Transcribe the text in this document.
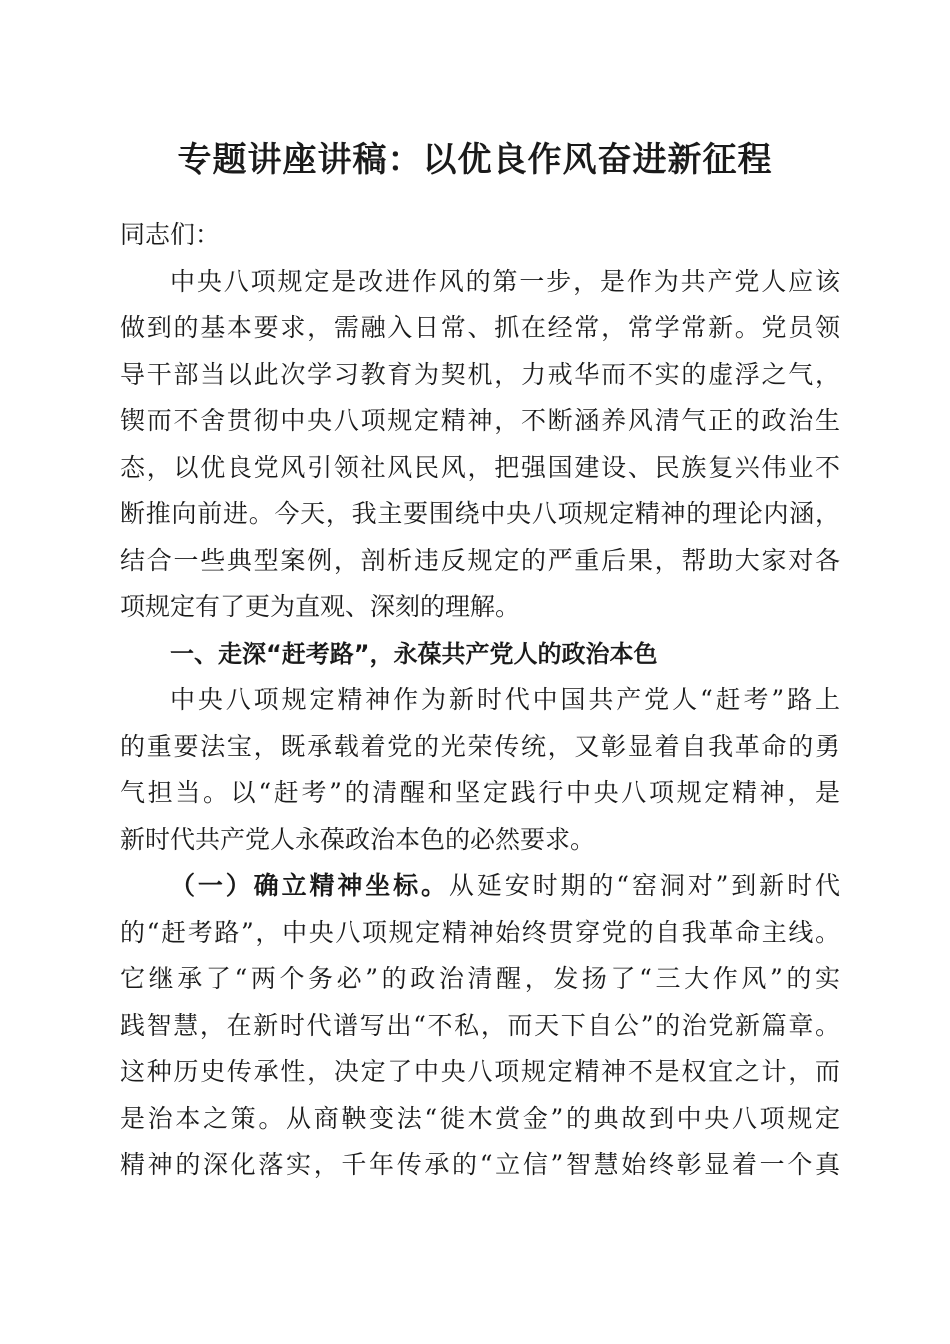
专题讲座讲稿：以优良作风奋进新征程
同志们：
中央八项规定是改进作风的第一步，是作为共产党人应该
做到的基本要求，需融入日常、抓在经常，常学常新。党员领
导干部当以此次学习教育为契机，力戒华而不实的虚浮之气，
锲而不舍贯彻中央八项规定精神，不断涵养风清气正的政治生
态，以优良党风引领社风民风，把强国建设、民族复兴伟业不
断推向前进。今天，我主要围绕中央八项规定精神的理论内涵，
结合一些典型案例，剖析违反规定的严重后果，帮助大家对各
项规定有了更为直观、深刻的理解。
一、走深“赶考路”，永葆共产党人的政治本色
中央八项规定精神作为新时代中国共产党人“赶考”路上
的重要法宝，既承载着党的光荣传统，又彰显着自我革命的勇
气担当。以“赶考”的清醒和坚定践行中央八项规定精神，是
新时代共产党人永葆政治本色的必然要求。
（一）确立精神坐标。从延安时期的“窑洞对”到新时代
的“赶考路”，中央八项规定精神始终贯穿党的自我革命主线。
它继承了“两个务必”的政治清醒，发扬了“三大作风”的实
践智慧，在新时代谱写出“不私，而天下自公”的治党新篇章。
这种历史传承性，决定了中央八项规定精神不是权宜之计，而
是治本之策。从商鞅变法“徙木赏金”的典故到中央八项规定
精神的深化落实，千年传承的“立信”智慧始终彰显着一个真
